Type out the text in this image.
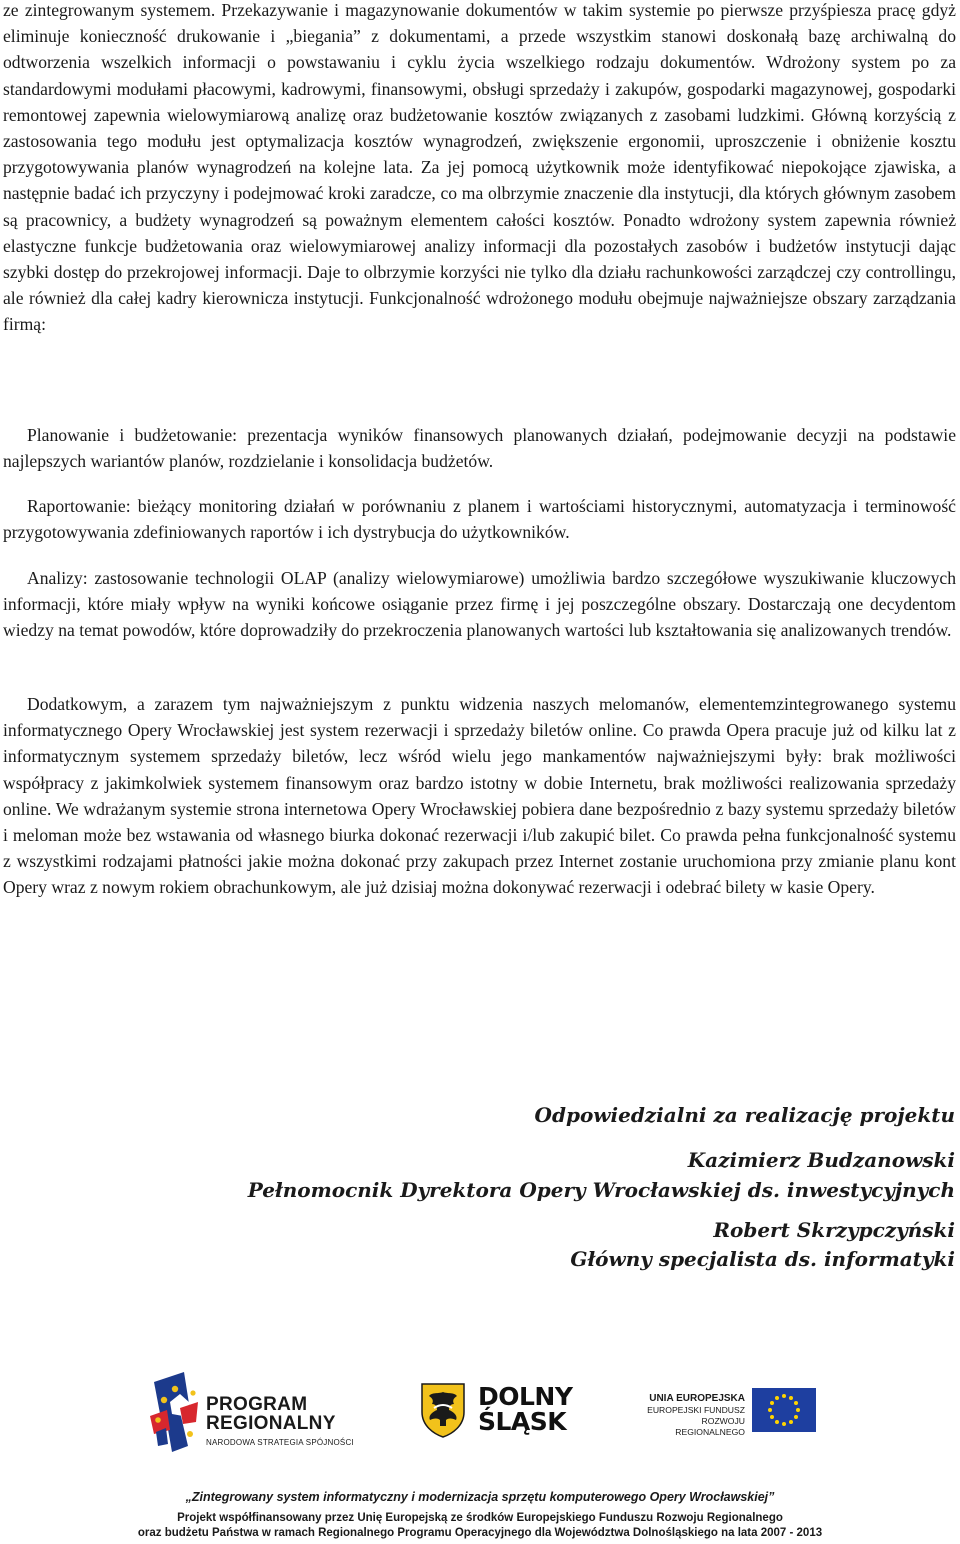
ze zintegrowanym systemem. Przekazywanie i magazynowanie dokumentów w takim systemie po pierwsze przyśpiesza pracę gdyż eliminuje konieczność drukowanie i „biegania” z dokumentami, a przede wszystkim stanowi doskonałą bazę archiwalną do odtworzenia wszelkich informacji o powstawaniu i cyklu życia wszelkiego rodzaju dokumentów. Wdrożony system po za standardowymi modułami płacowymi, kadrowymi, finansowymi, obsługi sprzedaży i zakupów, gospodarki magazynowej, gospodarki remontowej zapewnia wielowymiarową analizę oraz budżetowanie kosztów związanych z zasobami ludzkimi. Główną korzyścią z zastosowania tego modułu jest optymalizacja kosztów wynagrodzeń, zwiększenie ergonomii, uproszczenie i obniżenie kosztu przygotowywania planów wynagrodzeń na kolejne lata. Za jej pomocą użytkownik może identyfikować niepokojące zjawiska, a następnie badać ich przyczyny i podejmować kroki zaradcze, co ma olbrzymie znaczenie dla instytucji, dla których głównym zasobem są pracownicy, a budżety wynagrodzeń są poważnym elementem całości kosztów. Ponadto wdrożony system zapewnia również elastyczne funkcje budżetowania oraz wielowymiarowej analizy informacji dla pozostałych zasobów i budżetów instytucji dając szybki dostęp do przekrojowej informacji. Daje to olbrzymie korzyści nie tylko dla działu rachunkowości zarządczej czy controllingu, ale również dla całej kadry kierownicza instytucji. Funkcjonalność wdrożonego modułu obejmuje najważniejsze obszary zarządzania firmą:

Planowanie i budżetowanie: prezentacja wyników finansowych planowanych działań, podejmowanie decyzji na podstawie najlepszych wariantów planów, rozdzielanie i konsolidacja budżetów.

Raportowanie: bieżący monitoring działań w porównaniu z planem i wartościami historycznymi, automatyzacja i terminowość przygotowywania zdefiniowanych raportów i ich dystrybucja do użytkowników.

Analizy: zastosowanie technologii OLAP (analizy wielowymiarowe) umożliwia bardzo szczegółowe wyszukiwanie kluczowych informacji, które miały wpływ na wyniki końcowe osiąganie przez firmę i jej poszczególne obszary. Dostarczają one decydentom wiedzy na temat powodów, które doprowadziły do przekroczenia planowanych wartości lub kształtowania się analizowanych trendów.

Dodatkowym, a zarazem tym najważniejszym z punktu widzenia naszych melomanów, elementemzintegrowanego systemu informatycznego Opery Wrocławskiej jest system rezerwacji i sprzedaży biletów online. Co prawda Opera pracuje już od kilku lat z informatycznym systemem sprzedaży biletów, lecz wśród wielu jego mankamentów najważniejszymi były: brak możliwości współpracy z jakimkolwiek systemem finansowym oraz bardzo istotny w dobie Internetu, brak możliwości realizowania sprzedaży online. We wdrażanym systemie strona internetowa Opery Wrocławskiej pobiera dane bezpośrednio z bazy systemu sprzedaży biletów i meloman może bez wstawania od własnego biurka dokonać rezerwacji i/lub zakupić bilet. Co prawda pełna funkcjonalność systemu z wszystkimi rodzajami płatności jakie można dokonać przy zakupach przez Internet zostanie uruchomiona przy zmianie planu kont Opery wraz z nowym rokiem obrachunkowym, ale już dzisiaj można dokonywać rezerwacji i odebrać bilety w kasie Opery.

Odpowiedzialni za realizację projektu
Kazimierz Budzanowski
Pełnomocnik Dyrektora Opery Wrocławskiej ds. inwestycyjnych
Robert Skrzypczyński
Główny specjalista ds. informatyki
PROGRAM
REGIONALNY
NARODOWA STRATEGIA SPÓJNOŚCI
DOLNY
ŚLĄSK
UNIA EUROPEJSKA
EUROPEJSKI FUNDUSZ
ROZWOJU REGIONALNEGO
„Zintegrowany system informatyczny i modernizacja sprzętu komputerowego Opery Wrocławskiej”
Projekt współfinansowany przez Unię Europejską ze środków Europejskiego Funduszu Rozwoju Regionalnego
oraz budżetu Państwa w ramach Regionalnego Programu Operacyjnego dla Województwa Dolnośląskiego na lata 2007 - 2013
